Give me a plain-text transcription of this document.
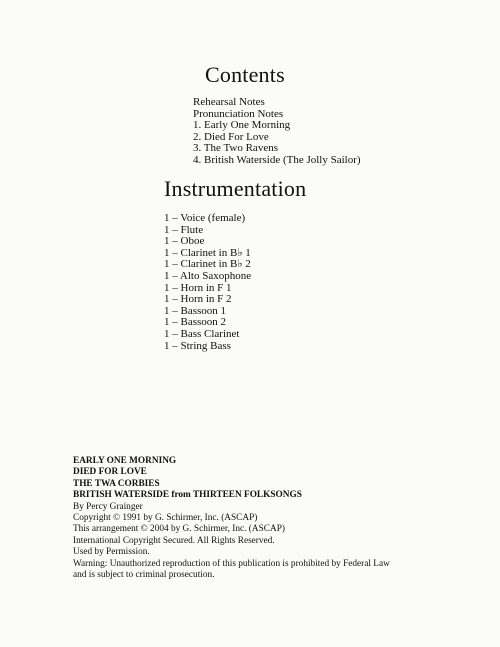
Contents
Rehearsal Notes
Pronunciation Notes
1. Early One Morning
2. Died For Love
3. The Two Ravens
4. British Waterside (The Jolly Sailor)
Instrumentation
1 – Voice (female)
1 – Flute
1 – Oboe
1 – Clarinet in B♭ 1
1 – Clarinet in B♭ 2
1 – Alto Saxophone
1 – Horn in F 1
1 – Horn in F 2
1 – Bassoon 1
1 – Bassoon 2
1 – Bass Clarinet
1 – String Bass
EARLY ONE MORNING
DIED FOR LOVE
THE TWA CORBIES
BRITISH WATERSIDE from THIRTEEN FOLKSONGS
By Percy Grainger
Copyright © 1991 by G. Schirmer, Inc. (ASCAP)
This arrangement © 2004 by G. Schirmer, Inc. (ASCAP)
International Copyright Secured. All Rights Reserved.
Used by Permission.
Warning: Unauthorized reproduction of this publication is prohibited by Federal Law
and is subject to criminal prosecution.
